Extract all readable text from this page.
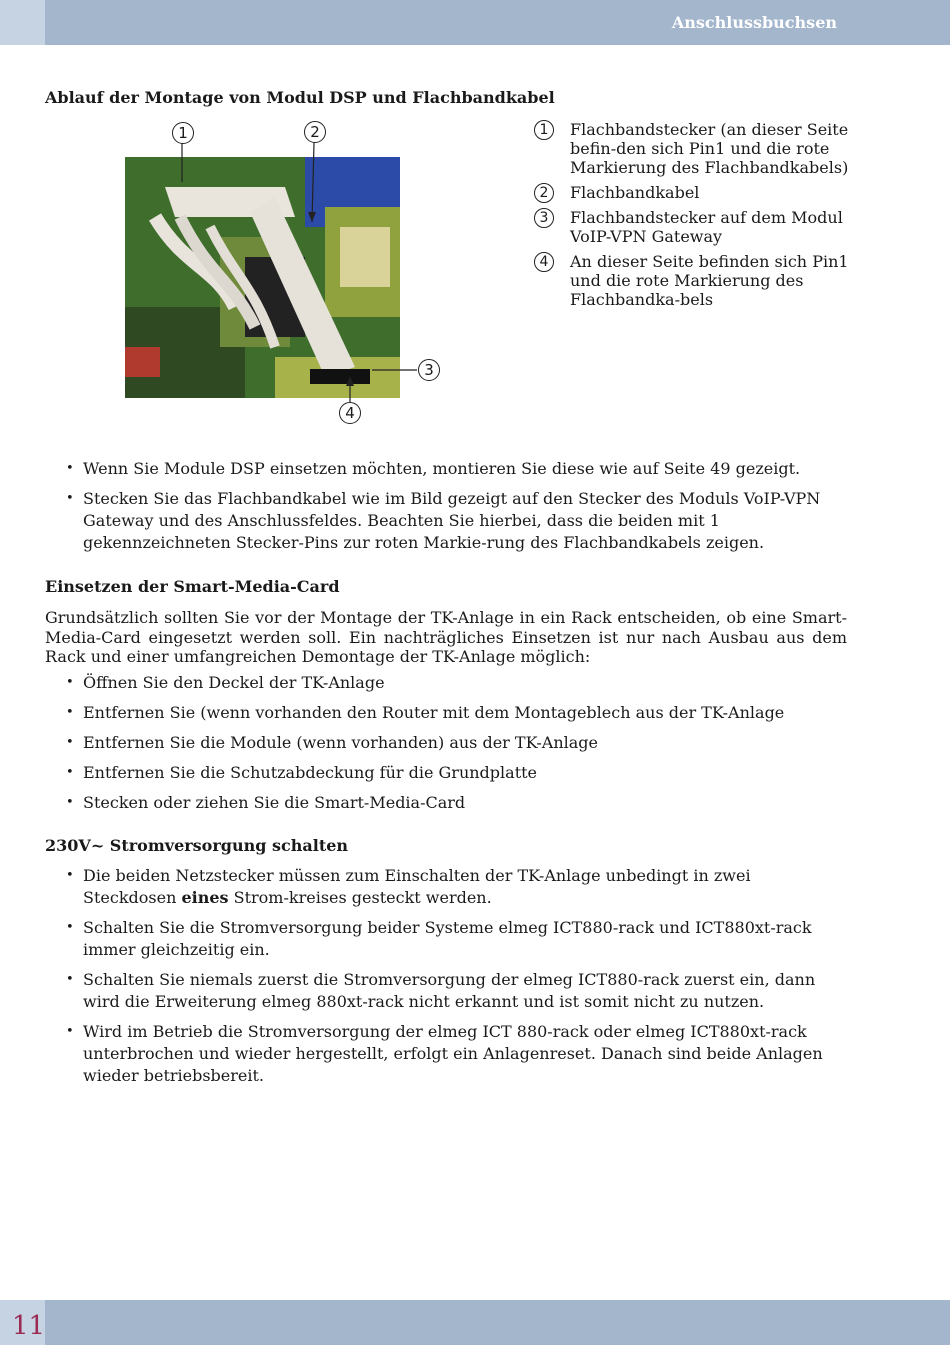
Anschlussbuchsen
Ablauf der Montage von Modul DSP und Flachbandkabel
1	2
3
4
1	Flachbandstecker (an dieser Seite befin-den sich Pin1 und die rote Markierung des Flachbandkabels)
2	Flachbandkabel
3	Flachbandstecker auf dem Modul VoIP-VPN Gateway
4	An dieser Seite befinden sich Pin1 und die rote Markierung des Flachbandka-bels
• Wenn Sie Module DSP einsetzen möchten, montieren Sie diese wie auf Seite 49 gezeigt.
• Stecken Sie das Flachbandkabel wie im Bild gezeigt auf den Stecker des Moduls VoIP-VPN Gateway und des Anschlussfeldes. Beachten Sie hierbei, dass die beiden mit 1 gekennzeichneten Stecker-Pins zur roten Markie-rung des Flachbandkabels zeigen.
Einsetzen der Smart-Media-Card

Grundsätzlich sollten Sie vor der Montage der TK-Anlage in ein Rack entscheiden, ob eine Smart-Media-Card eingesetzt werden soll. Ein nachträgliches Einsetzen ist nur nach Ausbau aus dem Rack und einer umfangreichen Demontage der TK-Anlage möglich:

• Öffnen Sie den Deckel der TK-Anlage
• Entfernen Sie (wenn vorhanden den Router mit dem Montageblech aus der TK-Anlage
• Entfernen Sie die Module (wenn vorhanden) aus der TK-Anlage
• Entfernen Sie die Schutzabdeckung für die Grundplatte
• Stecken oder ziehen Sie die Smart-Media-Card
230V~ Stromversorgung schalten
• Die beiden Netzstecker müssen zum Einschalten der TK-Anlage unbedingt in zwei Steckdosen eines Strom-kreises gesteckt werden.
• Schalten Sie die Stromversorgung beider Systeme elmeg ICT880-rack und ICT880xt-rack immer gleichzeitig ein.
• Schalten Sie niemals zuerst die Stromversorgung der elmeg ICT880-rack zuerst ein, dann wird die Erweiterung elmeg 880xt-rack nicht erkannt und ist somit nicht zu nutzen.
• Wird im Betrieb die Stromversorgung der elmeg ICT 880-rack oder elmeg ICT880xt-rack unterbrochen und wieder hergestellt, erfolgt ein Anlagenreset. Danach sind beide Anlagen wieder betriebsbereit.
11
